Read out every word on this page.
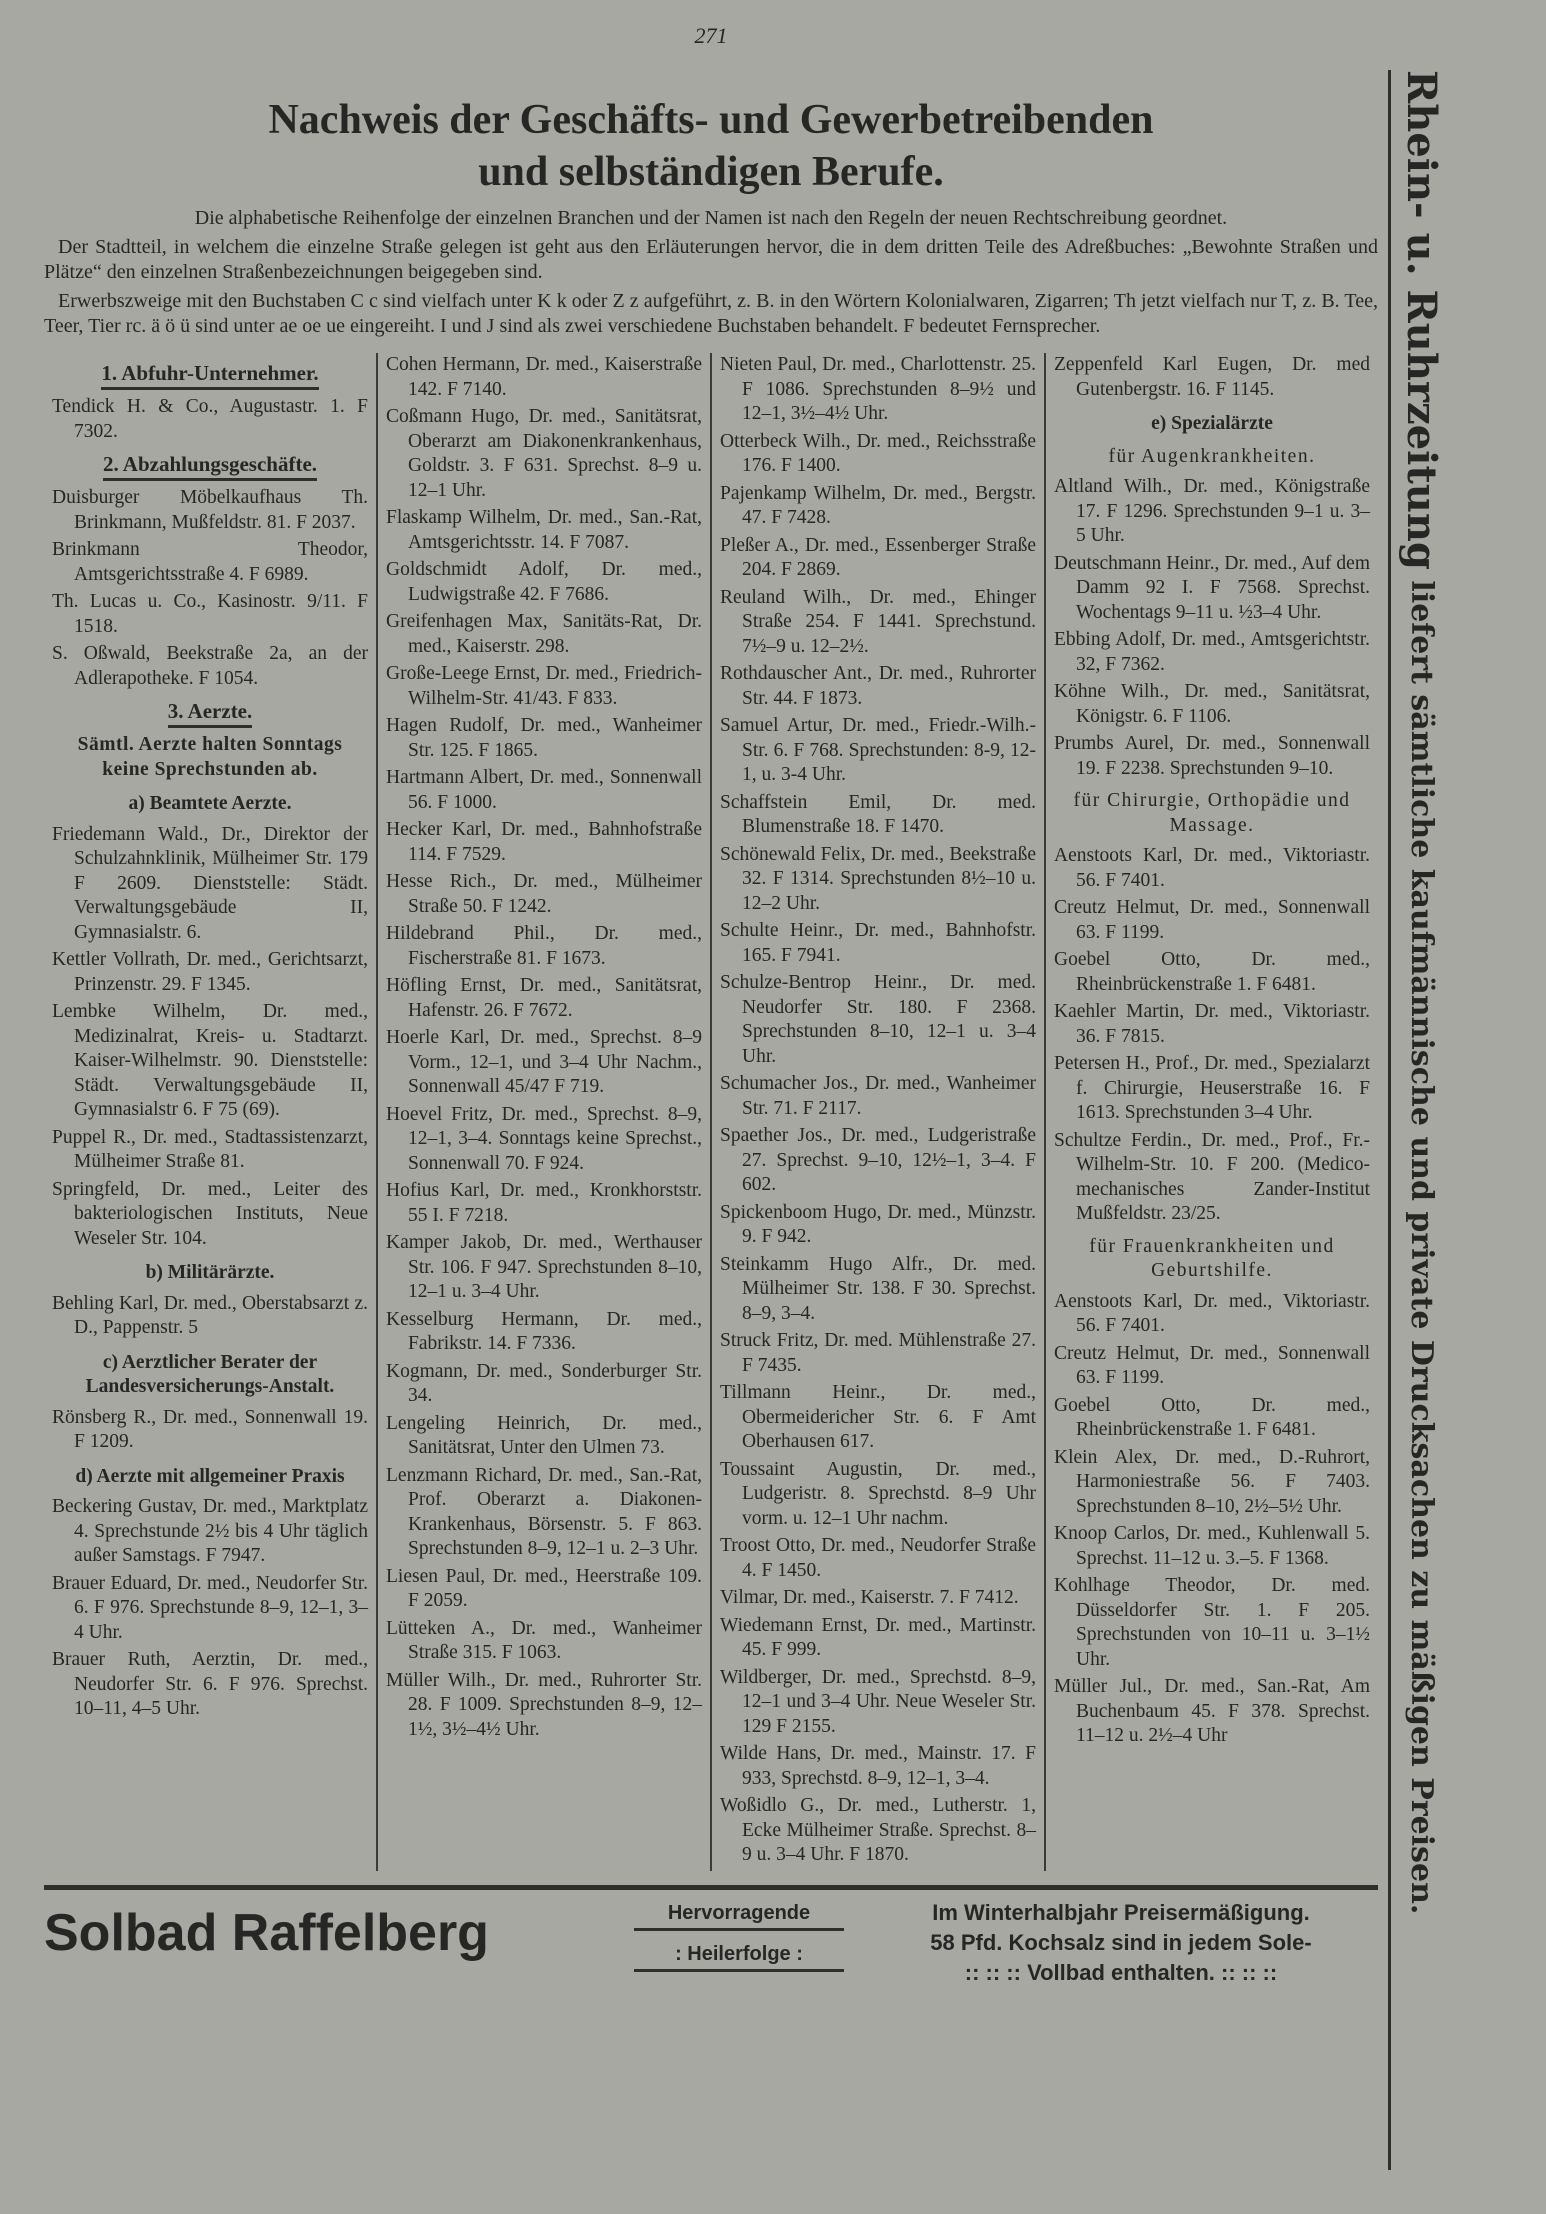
271
Nachweis der Geschäfts- und Gewerbetreibenden
und selbständigen Berufe.

Die alphabetische Reihenfolge der einzelnen Branchen und der Namen ist nach den Regeln der neuen Rechtschreibung geordnet.

Der Stadtteil, in welchem die einzelne Straße gelegen ist geht aus den Erläuterungen hervor, die in dem dritten Teile des Adreßbuches: „Bewohnte Straßen und Plätze“ den einzelnen Straßenbezeichnungen beigegeben sind.

Erwerbszweige mit den Buchstaben C c sind vielfach unter K k oder Z z aufgeführt, z. B. in den Wörtern Kolonialwaren, Zigarren; Th jetzt vielfach nur T, z. B. Tee, Teer, Tier rc. ä ö ü sind unter ae oe ue eingereiht. I und J sind als zwei verschiedene Buchstaben behandelt. F bedeutet Fernsprecher.

1. Abfuhr-Unternehmer.
Tendick H. & Co., Augustastr. 1. F 7302.
2. Abzahlungsgeschäfte.
Duisburger Möbelkaufhaus Th. Brinkmann, Mußfeldstr. 81. F 2037.
Brinkmann Theodor, Amtsgerichtsstraße 4. F 6989.
Th. Lucas u. Co., Kasinostr. 9/11. F 1518.
S. Oßwald, Beekstraße 2a, an der Adlerapotheke. F 1054.
3. Aerzte.
Sämtl. Aerzte halten Sonntags keine Sprechstunden ab.
a) Beamtete Aerzte.
Friedemann Wald., Dr., Direktor der Schulzahnklinik, Mülheimer Str. 179 F 2609. Dienststelle: Städt. Verwaltungsgebäude II, Gymnasialstr. 6.
Kettler Vollrath, Dr. med., Gerichtsarzt, Prinzenstr. 29. F 1345.
Lembke Wilhelm, Dr. med., Medizinalrat, Kreis- u. Stadtarzt. Kaiser-Wilhelmstr. 90. Dienststelle: Städt. Verwaltungsgebäude II, Gymnasialstr 6. F 75 (69).
Puppel R., Dr. med., Stadtassistenzarzt, Mülheimer Straße 81.
Springfeld, Dr. med., Leiter des bakteriologischen Instituts, Neue Weseler Str. 104.
b) Militärärzte.
Behling Karl, Dr. med., Oberstabsarzt z. D., Pappenstr. 5
c) Aerztlicher Berater der Landesversicherungs-Anstalt.
Rönsberg R., Dr. med., Sonnenwall 19. F 1209.
d) Aerzte mit allgemeiner Praxis
Beckering Gustav, Dr. med., Marktplatz 4. Sprechstunde 2½ bis 4 Uhr täglich außer Samstags. F 7947.
Brauer Eduard, Dr. med., Neudorfer Str. 6. F 976. Sprechstunde 8–9, 12–1, 3–4 Uhr.
Brauer Ruth, Aerztin, Dr. med., Neudorfer Str. 6. F 976. Sprechst. 10–11, 4–5 Uhr.
Cohen Hermann, Dr. med., Kaiserstraße 142. F 7140.
Coßmann Hugo, Dr. med., Sanitätsrat, Oberarzt am Diakonenkrankenhaus, Goldstr. 3. F 631. Sprechst. 8–9 u. 12–1 Uhr.
Flaskamp Wilhelm, Dr. med., San.-Rat, Amtsgerichtsstr. 14. F 7087.
Goldschmidt Adolf, Dr. med., Ludwigstraße 42. F 7686.
Greifenhagen Max, Sanitäts-Rat, Dr. med., Kaiserstr. 298.
Große-Leege Ernst, Dr. med., Friedrich-Wilhelm-Str. 41/43. F 833.
Hagen Rudolf, Dr. med., Wanheimer Str. 125. F 1865.
Hartmann Albert, Dr. med., Sonnenwall 56. F 1000.
Hecker Karl, Dr. med., Bahnhofstraße 114. F 7529.
Hesse Rich., Dr. med., Mülheimer Straße 50. F 1242.
Hildebrand Phil., Dr. med., Fischerstraße 81. F 1673.
Höfling Ernst, Dr. med., Sanitätsrat, Hafenstr. 26. F 7672.
Hoerle Karl, Dr. med., Sprechst. 8–9 Vorm., 12–1, und 3–4 Uhr Nachm., Sonnenwall 45/47 F 719.
Hoevel Fritz, Dr. med., Sprechst. 8–9, 12–1, 3–4. Sonntags keine Sprechst., Sonnenwall 70. F 924.
Hofius Karl, Dr. med., Kronkhorststr. 55 I. F 7218.
Kamper Jakob, Dr. med., Werthauser Str. 106. F 947. Sprechstunden 8–10, 12–1 u. 3–4 Uhr.
Kesselburg Hermann, Dr. med., Fabrikstr. 14. F 7336.
Kogmann, Dr. med., Sonderburger Str. 34.
Lengeling Heinrich, Dr. med., Sanitätsrat, Unter den Ulmen 73.
Lenzmann Richard, Dr. med., San.-Rat, Prof. Oberarzt a. Diakonen-Krankenhaus, Börsenstr. 5. F 863. Sprechstunden 8–9, 12–1 u. 2–3 Uhr.
Liesen Paul, Dr. med., Heerstraße 109. F 2059.
Lütteken A., Dr. med., Wanheimer Straße 315. F 1063.
Müller Wilh., Dr. med., Ruhrorter Str. 28. F 1009. Sprechstunden 8–9, 12–1½, 3½–4½ Uhr.
Nieten Paul, Dr. med., Charlottenstr. 25. F 1086. Sprechstunden 8–9½ und 12–1, 3½–4½ Uhr.
Otterbeck Wilh., Dr. med., Reichsstraße 176. F 1400.
Pajenkamp Wilhelm, Dr. med., Bergstr. 47. F 7428.
Pleßer A., Dr. med., Essenberger Straße 204. F 2869.
Reuland Wilh., Dr. med., Ehinger Straße 254. F 1441. Sprechstund. 7½–9 u. 12–2½.
Rothdauscher Ant., Dr. med., Ruhrorter Str. 44. F 1873.
Samuel Artur, Dr. med., Friedr.-Wilh.-Str. 6. F 768. Sprechstunden: 8-9, 12-1, u. 3-4 Uhr.
Schaffstein Emil, Dr. med. Blumenstraße 18. F 1470.
Schönewald Felix, Dr. med., Beekstraße 32. F 1314. Sprechstunden 8½–10 u. 12–2 Uhr.
Schulte Heinr., Dr. med., Bahnhofstr. 165. F 7941.
Schulze-Bentrop Heinr., Dr. med. Neudorfer Str. 180. F 2368. Sprechstunden 8–10, 12–1 u. 3–4 Uhr.
Schumacher Jos., Dr. med., Wanheimer Str. 71. F 2117.
Spaether Jos., Dr. med., Ludgeristraße 27. Sprechst. 9–10, 12½–1, 3–4. F 602.
Spickenboom Hugo, Dr. med., Münzstr. 9. F 942.
Steinkamm Hugo Alfr., Dr. med. Mülheimer Str. 138. F 30. Sprechst. 8–9, 3–4.
Struck Fritz, Dr. med. Mühlenstraße 27. F 7435.
Tillmann Heinr., Dr. med., Obermeidericher Str. 6. F Amt Oberhausen 617.
Toussaint Augustin, Dr. med., Ludgeristr. 8. Sprechstd. 8–9 Uhr vorm. u. 12–1 Uhr nachm.
Troost Otto, Dr. med., Neudorfer Straße 4. F 1450.
Vilmar, Dr. med., Kaiserstr. 7. F 7412.
Wiedemann Ernst, Dr. med., Martinstr. 45. F 999.
Wildberger, Dr. med., Sprechstd. 8–9, 12–1 und 3–4 Uhr. Neue Weseler Str. 129 F 2155.
Wilde Hans, Dr. med., Mainstr. 17. F 933, Sprechstd. 8–9, 12–1, 3–4.
Woßidlo G., Dr. med., Lutherstr. 1, Ecke Mülheimer Straße. Sprechst. 8–9 u. 3–4 Uhr. F 1870.
Zeppenfeld Karl Eugen, Dr. med Gutenbergstr. 16. F 1145.
e) Spezialärzte
für Augenkrankheiten.
Altland Wilh., Dr. med., Königstraße 17. F 1296. Sprechstunden 9–1 u. 3–5 Uhr.
Deutschmann Heinr., Dr. med., Auf dem Damm 92 I. F 7568. Sprechst. Wochentags 9–11 u. ½3–4 Uhr.
Ebbing Adolf, Dr. med., Amtsgerichtstr. 32, F 7362.
Köhne Wilh., Dr. med., Sanitätsrat, Königstr. 6. F 1106.
Prumbs Aurel, Dr. med., Sonnenwall 19. F 2238. Sprechstunden 9–10.
für Chirurgie, Orthopädie und Massage.
Aenstoots Karl, Dr. med., Viktoriastr. 56. F 7401.
Creutz Helmut, Dr. med., Sonnenwall 63. F 1199.
Goebel Otto, Dr. med., Rheinbrückenstraße 1. F 6481.
Kaehler Martin, Dr. med., Viktoriastr. 36. F 7815.
Petersen H., Prof., Dr. med., Spezialarzt f. Chirurgie, Heuserstraße 16. F 1613. Sprechstunden 3–4 Uhr.
Schultze Ferdin., Dr. med., Prof., Fr.-Wilhelm-Str. 10. F 200. (Medico-mechanisches Zander-Institut Mußfeldstr. 23/25.
für Frauenkrankheiten und Geburtshilfe.
Aenstoots Karl, Dr. med., Viktoriastr. 56. F 7401.
Creutz Helmut, Dr. med., Sonnenwall 63. F 1199.
Goebel Otto, Dr. med., Rheinbrückenstraße 1. F 6481.
Klein Alex, Dr. med., D.-Ruhrort, Harmoniestraße 56. F 7403. Sprechstunden 8–10, 2½–5½ Uhr.
Knoop Carlos, Dr. med., Kuhlenwall 5. Sprechst. 11–12 u. 3.–5. F 1368.
Kohlhage Theodor, Dr. med. Düsseldorfer Str. 1. F 205. Sprechstunden von 10–11 u. 3–1½ Uhr.
Müller Jul., Dr. med., San.-Rat, Am Buchenbaum 45. F 378. Sprechst. 11–12 u. 2½–4 Uhr
Solbad Raffelberg	Hervorragende
: Heilerfolge :
Im Winterhalbjahr Preisermäßigung.
58 Pfd. Kochsalz sind in jedem Sole-
:: :: :: Vollbad enthalten. :: :: ::
Rhein- u. Ruhrzeitung liefert sämtliche kaufmännische und private Drucksachen zu mäßigen Preisen.
